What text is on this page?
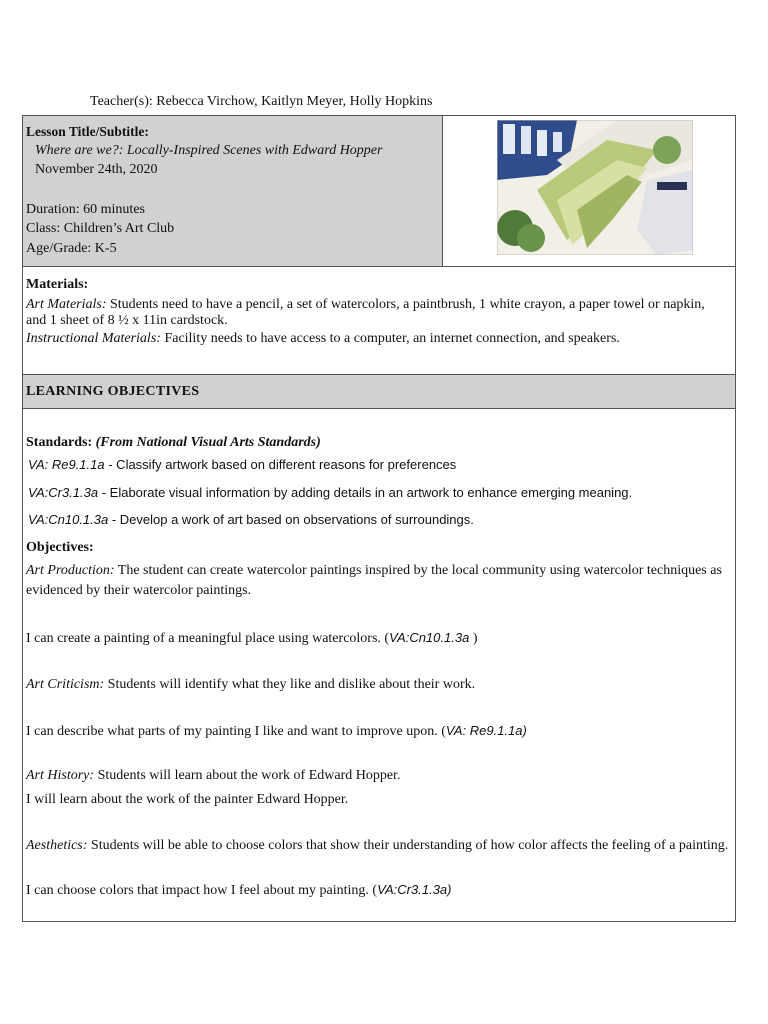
Teacher(s): Rebecca Virchow, Kaitlyn Meyer, Holly Hopkins
Lesson Title/Subtitle:
Where are we?: Locally-Inspired Scenes with Edward Hopper
November 24th, 2020
Duration: 60 minutes
Class: Children’s Art Club
Age/Grade: K-5
Materials:
Art Materials: Students need to have a pencil, a set of watercolors, a paintbrush, 1 white crayon, a paper towel or napkin, and 1 sheet of 8 ½ x 11in cardstock.
Instructional Materials: Facility needs to have access to a computer, an internet connection, and speakers.
LEARNING OBJECTIVES
Standards: (From National Visual Arts Standards)
VA: Re9.1.1a - Classify artwork based on different reasons for preferences
VA:Cr3.1.3a - Elaborate visual information by adding details in an artwork to enhance emerging meaning.
VA:Cn10.1.3a - Develop a work of art based on observations of surroundings.
Objectives:
Art Production: The student can create watercolor paintings inspired by the local community using watercolor techniques as evidenced by their watercolor paintings.
I can create a painting of a meaningful place using watercolors. (VA:Cn10.1.3a )
Art Criticism: Students will identify what they like and dislike about their work.
I can describe what parts of my painting I like and want to improve upon. (VA: Re9.1.1a)
Art History: Students will learn about the work of Edward Hopper.
I will learn about the work of the painter Edward Hopper.
Aesthetics: Students will be able to choose colors that show their understanding of how color affects the feeling of a painting.
I can choose colors that impact how I feel about my painting. (VA:Cr3.1.3a)
